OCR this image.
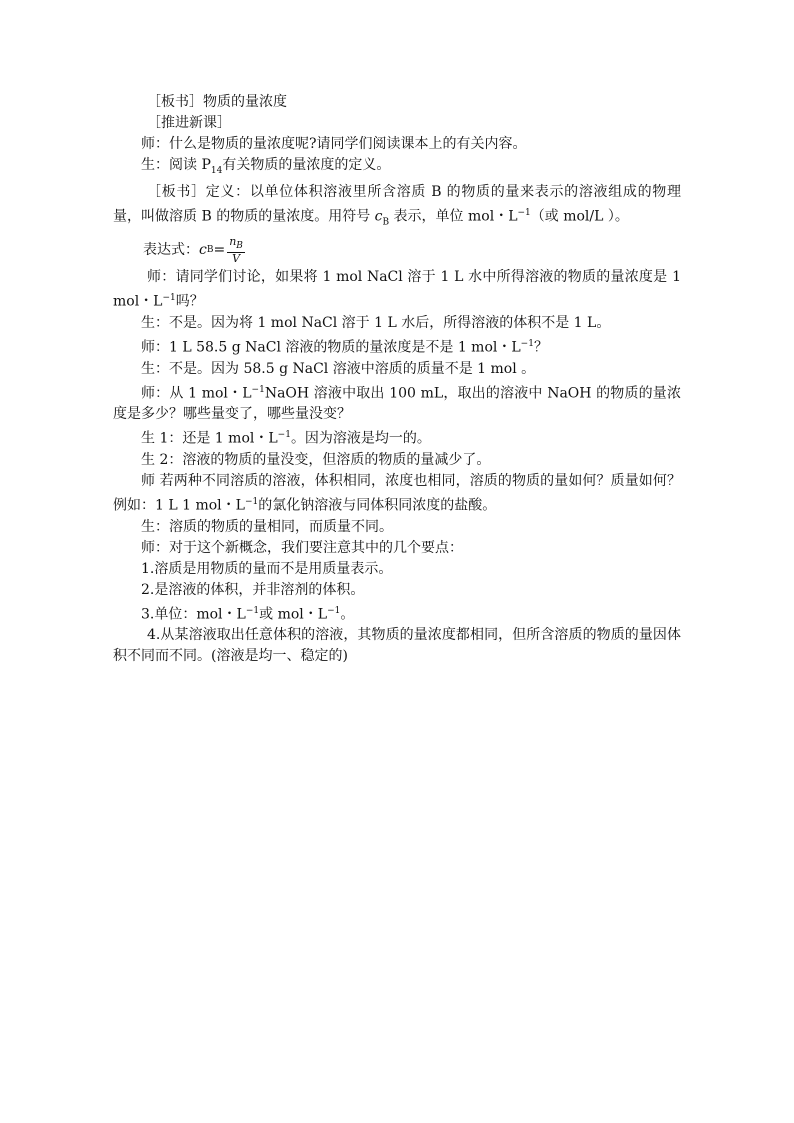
［板书］物质的量浓度

［推进新课］

师：什么是物质的量浓度呢?请同学们阅读课本上的有关内容。

生：阅读 $P_{14}$有关物质的量浓度的定义。

［板书］定义：以单位体积溶液里所含溶质 B 的物质的量来表示的溶液组成的物理量，叫做溶质 B 的物质的量浓度。用符号 $c_B$ 表示，单位 mol・$L^{-1}$（或 mol/L ）。

表达式： c $B = \frac{n_B}{V}$

师：请同学们讨论，如果将 1 mol NaCl 溶于 1 L 水中所得溶液的物质的量浓度是 1 mol・$L^{-1}$吗？

生：不是。因为将 1 mol NaCl 溶于 1 L 水后，所得溶液的体积不是 1 L。

师：1 L 58.5 g NaCl 溶液的物质的量浓度是不是 1 mol・$L^{-1}$？

生：不是。因为 58.5 g NaCl 溶液中溶质的质量不是 1 mol 。

师：从 1 mol・$L^{-1}NaOH$ 溶液中取出 100 mL，取出的溶液中 NaOH 的物质的量浓度是多少？哪些量变了，哪些量没变？

生 1：还是 1 mol・$L^{-1}$。因为溶液是均一的。

生 2：溶液的物质的量没变，但溶质的物质的量减少了。

师 若两种不同溶质的溶液，体积相同，浓度也相同，溶质的物质的量如何？质量如何？例如：1 L 1 mol・$L^{-1}$的氯化钠溶液与同体积同浓度的盐酸。

生：溶质的物质的量相同，而质量不同。

师：对于这个新概念，我们要注意其中的几个要点：

1.溶质是用物质的量而不是用质量表示。

2.是溶液的体积，并非溶剂的体积。

3.单位：mol・$L^{-1}$或 mol・$L^{-1}$。

4.从某溶液取出任意体积的溶液，其物质的量浓度都相同，但所含溶质的物质的量因体积不同而不同。(溶液是均一、稳定的)
